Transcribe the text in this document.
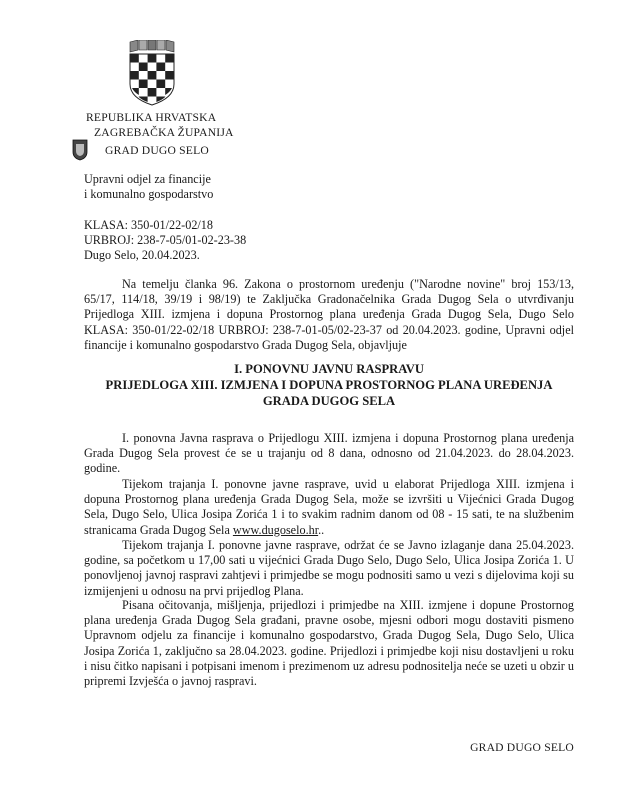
REPUBLIKA HRVATSKA
ZAGREBAČKA ŽUPANIJA
GRAD DUGO SELO
Upravni odjel za financije
i komunalno gospodarstvo
KLASA: 350-01/22-02/18
URBROJ: 238-7-05/01-02-23-38
Dugo Selo, 20.04.2023.
Na temelju članka 96. Zakona o prostornom uređenju ("Narodne novine" broj 153/13, 65/17, 114/18, 39/19 i 98/19) te Zaključka Gradonačelnika Grada Dugog Sela o utvrđivanju Prijedloga XIII. izmjena i dopuna Prostornog plana uređenja Grada Dugog Sela, Dugo Selo KLASA: 350-01/22-02/18 URBROJ: 238-7-01-05/02-23-37 od 20.04.2023. godine, Upravni odjel financije i komunalno gospodarstvo Grada Dugog Sela, objavljuje
I. PONOVNU JAVNU RASPRAVU
PRIJEDLOGA XIII. IZMJENA I DOPUNA PROSTORNOG PLANA UREĐENJA
GRADA DUGOG SELA
I. ponovna Javna rasprava o Prijedlogu XIII. izmjena i dopuna Prostornog plana uređenja Grada Dugog Sela provest će se u trajanju od 8 dana, odnosno od 21.04.2023. do 28.04.2023. godine.
Tijekom trajanja I. ponovne javne rasprave, uvid u elaborat Prijedloga XIII. izmjena i dopuna Prostornog plana uređenja Grada Dugog Sela, može se izvršiti u Vijećnici Grada Dugog Sela, Dugo Selo, Ulica Josipa Zorića 1 i to svakim radnim danom od 08 - 15 sati, te na službenim stranicama Grada Dugog Sela www.dugoselo.hr..
Tijekom trajanja I. ponovne javne rasprave, održat će se Javno izlaganje dana 25.04.2023. godine, sa početkom u 17,00 sati u vijećnici Grada Dugo Selo, Dugo Selo, Ulica Josipa Zorića 1. U ponovljenoj javnoj raspravi zahtjevi i primjedbe se mogu podnositi samo u vezi s dijelovima koji su izmijenjeni u odnosu na prvi prijedlog Plana.
Pisana očitovanja, mišljenja, prijedlozi i primjedbe na XIII. izmjene i dopune Prostornog plana uređenja Grada Dugog Sela građani, pravne osobe, mjesni odbori mogu dostaviti pismeno Upravnom odjelu za financije i komunalno gospodarstvo, Grada Dugog Sela, Dugo Selo, Ulica Josipa Zorića 1, zaključno sa 28.04.2023. godine. Prijedlozi i primjedbe koji nisu dostavljeni u roku i nisu čitko napisani i potpisani imenom i prezimenom uz adresu podnositelja neće se uzeti u obzir u pripremi Izvješća o javnoj raspravi.
GRAD DUGO SELO
